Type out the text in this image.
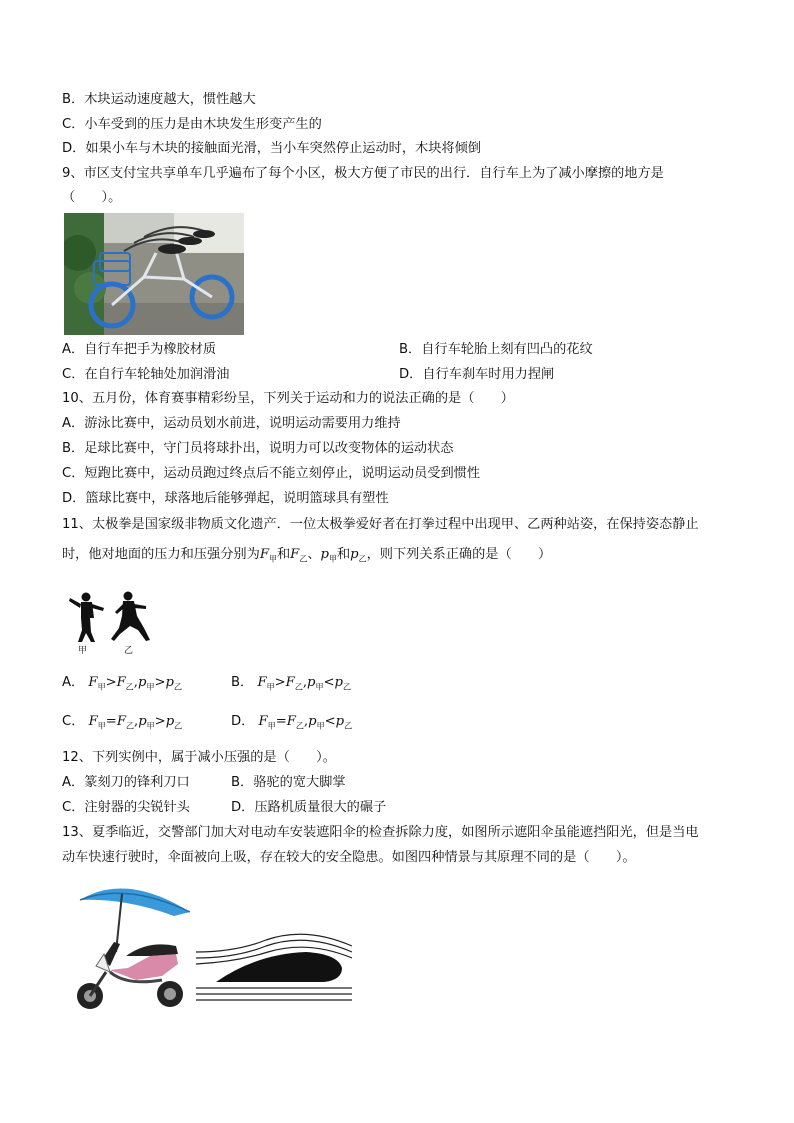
B．木块运动速度越大，惯性越大
C．小车受到的压力是由木块发生形变产生的
D．如果小车与木块的接触面光滑，当小车突然停止运动时，木块将倾倒
9、市区支付宝共享单车几乎遍布了每个小区，极大方便了市民的出行．自行车上为了减小摩擦的地方是
（　　）。
A．自行车把手为橡胶材质	B．自行车轮胎上刻有凹凸的花纹
C．在自行车轮轴处加润滑油	D．自行车刹车时用力捏闸
10、五月份，体育赛事精彩纷呈，下列关于运动和力的说法正确的是（　　）
A．游泳比赛中，运动员划水前进，说明运动需要用力维持
B．足球比赛中，守门员将球扑出，说明力可以改变物体的运动状态
C．短跑比赛中，运动员跑过终点后不能立刻停止，说明运动员受到惯性
D．篮球比赛中，球落地后能够弹起，说明篮球具有塑性
11、太极拳是国家级非物质文化遗产．一位太极拳爱好者在打拳过程中出现甲、乙两种站姿，在保持姿态静止
时，他对地面的压力和压强分别为$F_甲$和$F_乙$、$p_甲$和$p_乙$，则下列关系正确的是（　　）
甲	乙
A． $F_甲>F_乙,p_甲>p_乙$	B． $F_甲>F_乙,p_甲<p_乙$
C． $F_甲=F_乙,p_甲>p_乙$	D． $F_甲=F_乙,p_甲<p_乙$
12、下列实例中，属于减小压强的是（　　）。
A．篆刻刀的锋利刀口	B．骆驼的宽大脚掌
C．注射器的尖锐针头	D．压路机质量很大的碾子
13、夏季临近，交警部门加大对电动车安装遮阳伞的检查拆除力度，如图所示遮阳伞虽能遮挡阳光，但是当电
动车快速行驶时，伞面被向上吸，存在较大的安全隐患。如图四种情景与其原理不同的是（　　）。
